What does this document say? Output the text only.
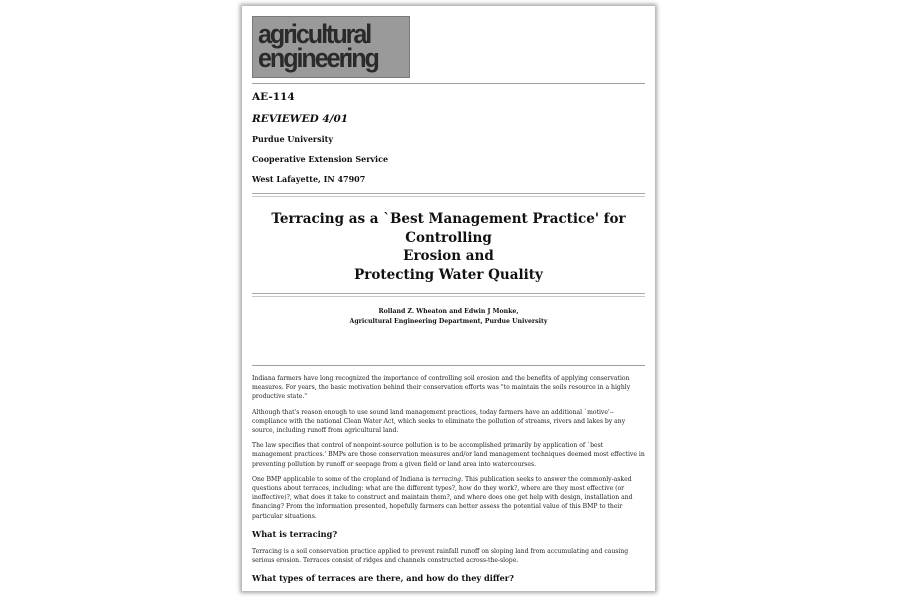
agricultural
engineering
AE-114
REVIEWED 4/01
Purdue University
Cooperative Extension Service
West Lafayette, IN 47907

Terracing as a `Best Management Practice' for Controlling

Erosion and

Protecting Water Quality

Rolland Z. Wheaton and Edwin J Monke,
Agricultural Engineering Department, Purdue University

Indiana farmers have long recognized the importance of controlling soil erosion and the benefits of applying conservation measures. For years, the basic motivation behind their conservation efforts was "to maintain the soils resource in a highly productive state."

Although that's reason enough to use sound land management practices, today farmers have an additional `motive'--compliance with the national Clean Water Act, which seeks to eliminate the pollution of streams, rivers and lakes by any source, including runoff from agricultural land.

The law specifies that control of nonpoint-source pollution is to be accomplished primarily by application of `best management practices.' BMPs are those conservation measures and/or land management techniques deemed most effective in preventing pollution by runoff or seepage from a given field or land area into watercourses.

One BMP applicable to some of the cropland of Indiana is terracing. This publication seeks to answer the commonly-asked questions about terraces, including: what are the different types?, how do they work?, where are they most effective (or ineffective)?, what does it take to construct and maintain them?, and where does one get help with design, installation and financing? From the information presented, hopefully farmers can better assess the potential value of this BMP to their particular situations.

What is terracing?

Terracing is a soil conservation practice applied to prevent rainfall runoff on sloping land from accumulating and causing serious erosion. Terraces consist of ridges and channels constructed across-the-slope.

What types of terraces are there, and how do they differ?
